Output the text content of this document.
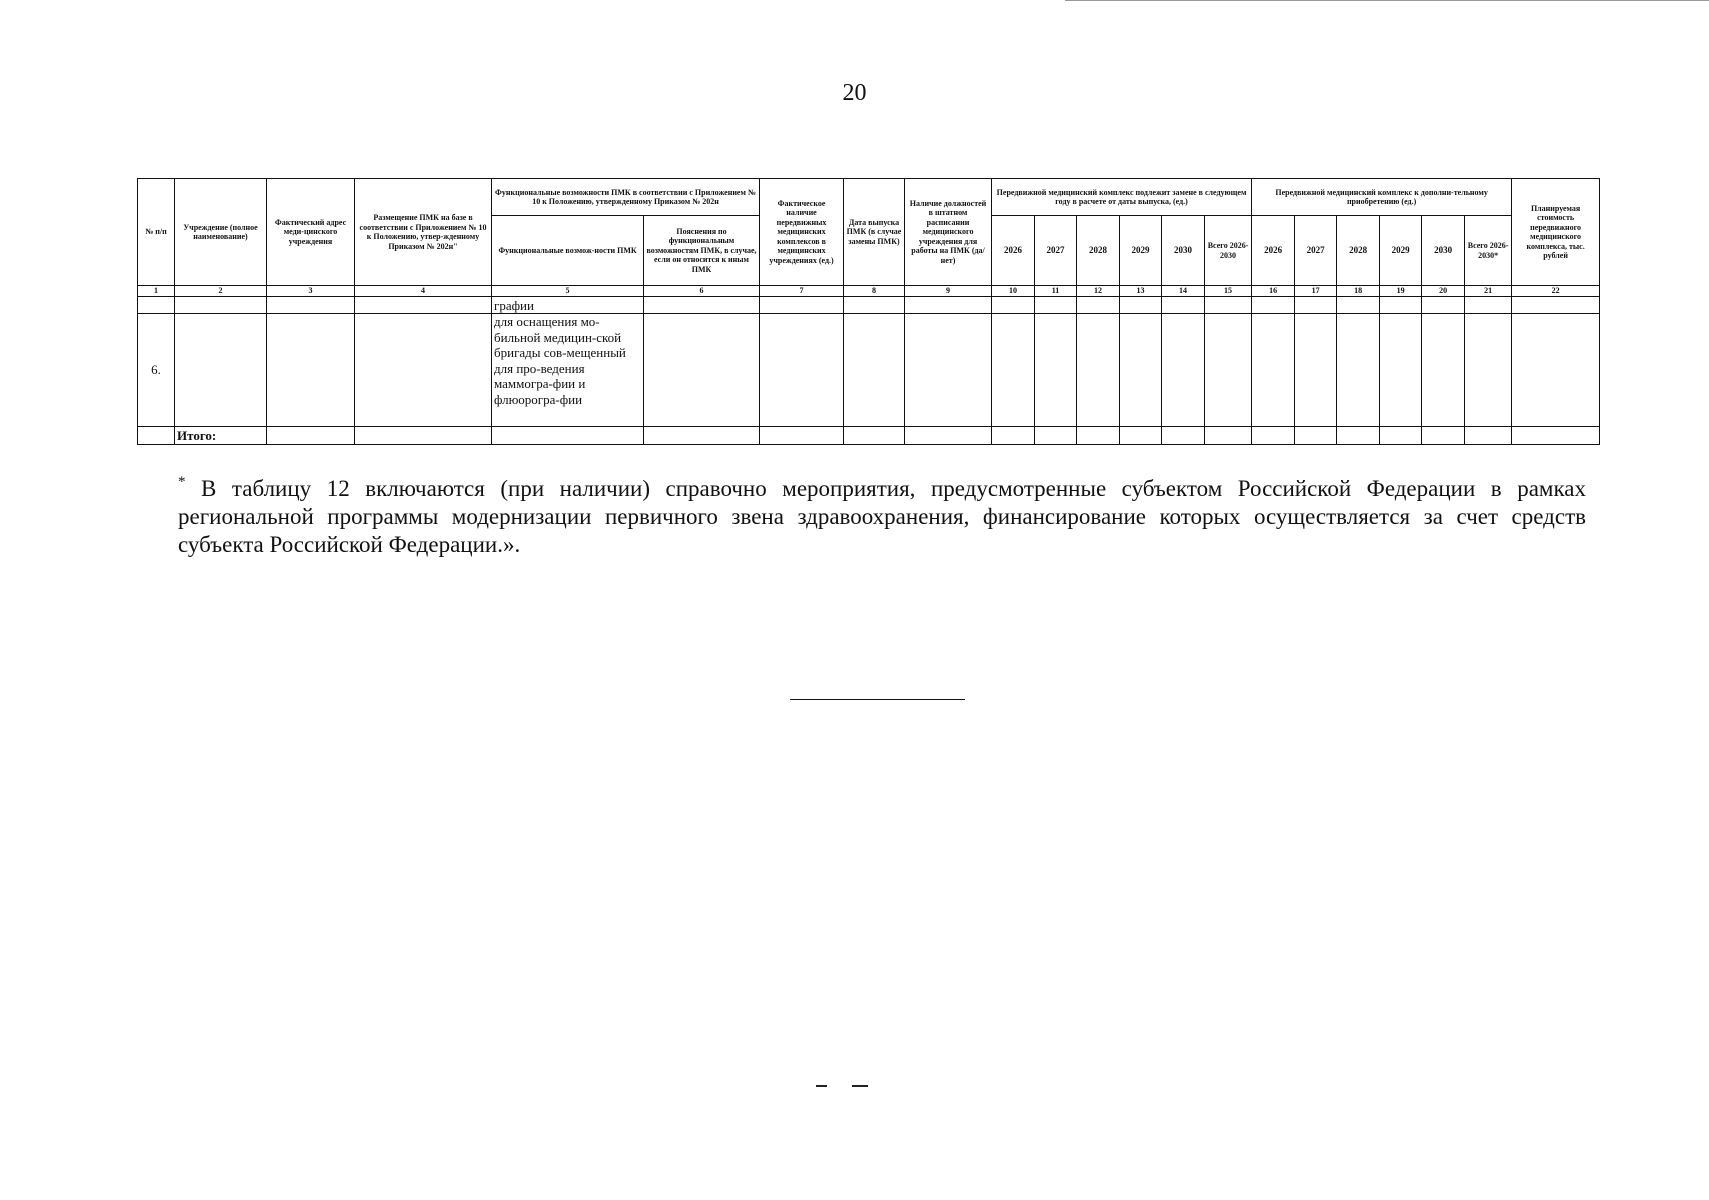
20
№ п/п	Учреждение (полное наименование)	Фактический адрес меди-цинского учреждения	Размещение ПМК на базе в соответствии с Приложением № 10 к Положению, утвер-жденному Приказом № 202н"	Функциональные возможности ПМК в соответствии с Приложением № 10 к Положению, утвержденному Приказом № 202н		Фактическое наличие передвижных медицинских комплексов в медицинских учреждениях (ед.)	Дата выпуска ПМК (в случае замены ПМК)	Наличие должностей в штатном расписании медицинского учреждения для работы на ПМК (да/нет)	Передвижной медицинский комплекс подлежит замене в следующем году в расчете от даты выпуска, (ед.)						Передвижной медицинский комплекс к дополни-тельному приобретению (ед.)						Планируемая стоимость передвижного медицинского комплекса, тыс. рублей
				Функциональные возмож-ности ПМК	Пояснения по функциональным возможностям ПМК, в случае, если он относится к иным ПМК				2026	2027	2028	2029	2030	Всего 2026-2030	2026	2027	2028	2029	2030	Всего 2026-2030*	
1	2	3	4	5	6	7	8	9	10	11	12	13	14	15	16	17	18	19	20	21	22
				графии																	
6.				для оснащения мо-бильной медицин-ской бригады сов-мещенный для про-ведения маммогра-фии и флюорогра-фии																	
	Итого:																				
* В таблицу 12 включаются (при наличии) справочно мероприятия, предусмотренные субъектом Российской Федерации в рамках региональной программы модернизации первичного звена здравоохранения, финансирование которых осуществляется за счет средств субъекта Российской Федерации.».
